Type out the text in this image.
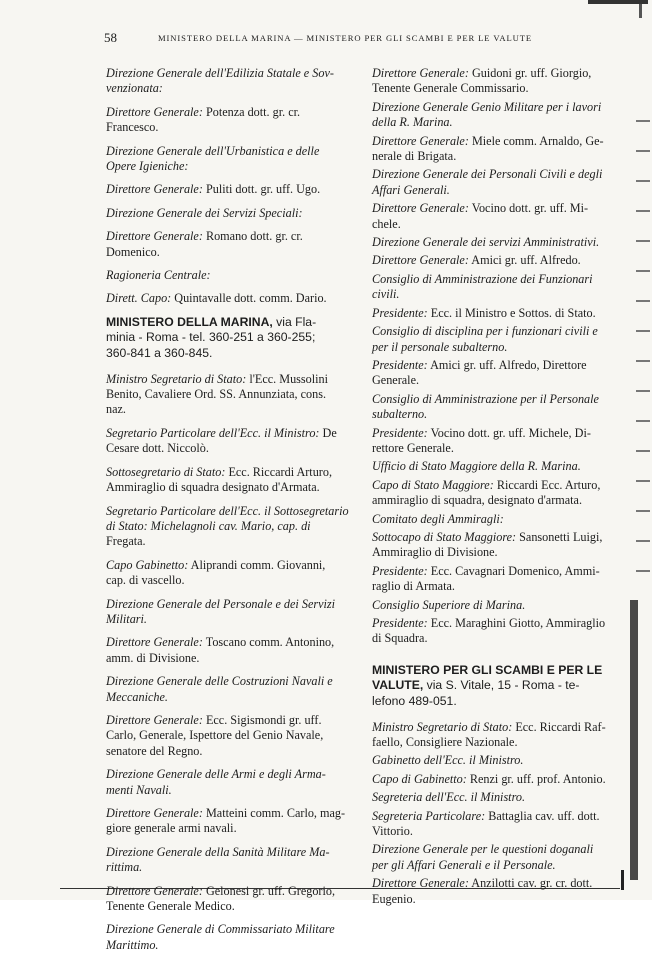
58	MINISTERO DELLA MARINA — MINISTERO PER GLI SCAMBI E PER LE VALUTE
Direzione Generale dell'Edilizia Statale e Sov-
venzionata:
Direttore Generale: Potenza dott. gr. cr.
Francesco.
Direzione Generale dell'Urbanistica e delle
Opere Igieniche:
Direttore Generale: Puliti dott. gr. uff. Ugo.
Direzione Generale dei Servizi Speciali:
Direttore Generale: Romano dott. gr. cr.
Domenico.
Ragioneria Centrale:
Dirett. Capo: Quintavalle dott. comm. Dario.
MINISTERO DELLA MARINA, via Fla-
minia - Roma - tel. 360-251 a 360-255;
360-841 a 360-845.
Ministro Segretario di Stato: l'Ecc. Mussolini
Benito, Cavaliere Ord. SS. Annunziata, cons.
naz.
Segretario Particolare dell'Ecc. il Ministro: De
Cesare dott. Niccolò.
Sottosegretario di Stato: Ecc. Riccardi Arturo,
Ammiraglio di squadra designato d'Armata.
Segretario Particolare dell'Ecc. il Sottosegretario
di Stato: Michelagnoli cav. Mario, cap. di
Fregata.
Capo Gabinetto: Aliprandi comm. Giovanni,
cap. di vascello.
Direzione Generale del Personale e dei Servizi
Militari.
Direttore Generale: Toscano comm. Antonino,
amm. di Divisione.
Direzione Generale delle Costruzioni Navali e
Meccaniche.
Direttore Generale: Ecc. Sigismondi gr. uff.
Carlo, Generale, Ispettore del Genio Navale,
senatore del Regno.
Direzione Generale delle Armi e degli Arma-
menti Navali.
Direttore Generale: Matteini comm. Carlo, mag-
giore generale armi navali.
Direzione Generale della Sanità Militare Ma-
rittima.
Direttore Generale: Gelonesi gr. uff. Gregorio,
Tenente Generale Medico.
Direzione Generale di Commissariato Militare
Marittimo.
Direttore Generale: Guidoni gr. uff. Giorgio,
Tenente Generale Commissario.
Direzione Generale Genio Militare per i lavori
della R. Marina.
Direttore Generale: Miele comm. Arnaldo, Ge-
nerale di Brigata.
Direzione Generale dei Personali Civili e degli
Affari Generali.
Direttore Generale: Vocino dott. gr. uff. Mi-
chele.
Direzione Generale dei servizi Amministrativi.
Direttore Generale: Amici gr. uff. Alfredo.
Consiglio di Amministrazione dei Funzionari
civili.
Presidente: Ecc. il Ministro e Sottos. di Stato.
Consiglio di disciplina per i funzionari civili e
per il personale subalterno.
Presidente: Amici gr. uff. Alfredo, Direttore
Generale.
Consiglio di Amministrazione per il Personale
subalterno.
Presidente: Vocino dott. gr. uff. Michele, Di-
rettore Generale.
Ufficio di Stato Maggiore della R. Marina.
Capo di Stato Maggiore: Riccardi Ecc. Arturo,
ammiraglio di squadra, designato d'armata.
Comitato degli Ammiragli:
Sottocapo di Stato Maggiore: Sansonetti Luigi,
Ammiraglio di Divisione.
Presidente: Ecc. Cavagnari Domenico, Ammi-
raglio di Armata.
Consiglio Superiore di Marina.
Presidente: Ecc. Maraghini Giotto, Ammiraglio
di Squadra.
MINISTERO PER GLI SCAMBI E PER LE
VALUTE, via S. Vitale, 15 - Roma - te-
lefono 489-051.
Ministro Segretario di Stato: Ecc. Riccardi Raf-
faello, Consigliere Nazionale.
Gabinetto dell'Ecc. il Ministro.
Capo di Gabinetto: Renzi gr. uff. prof. Antonio.
Segreteria dell'Ecc. il Ministro.
Segreteria Particolare: Battaglia cav. uff. dott.
Vittorio.
Direzione Generale per le questioni doganali
per gli Affari Generali e il Personale.
Direttore Generale: Anzilotti cav. gr. cr. dott.
Eugenio.
